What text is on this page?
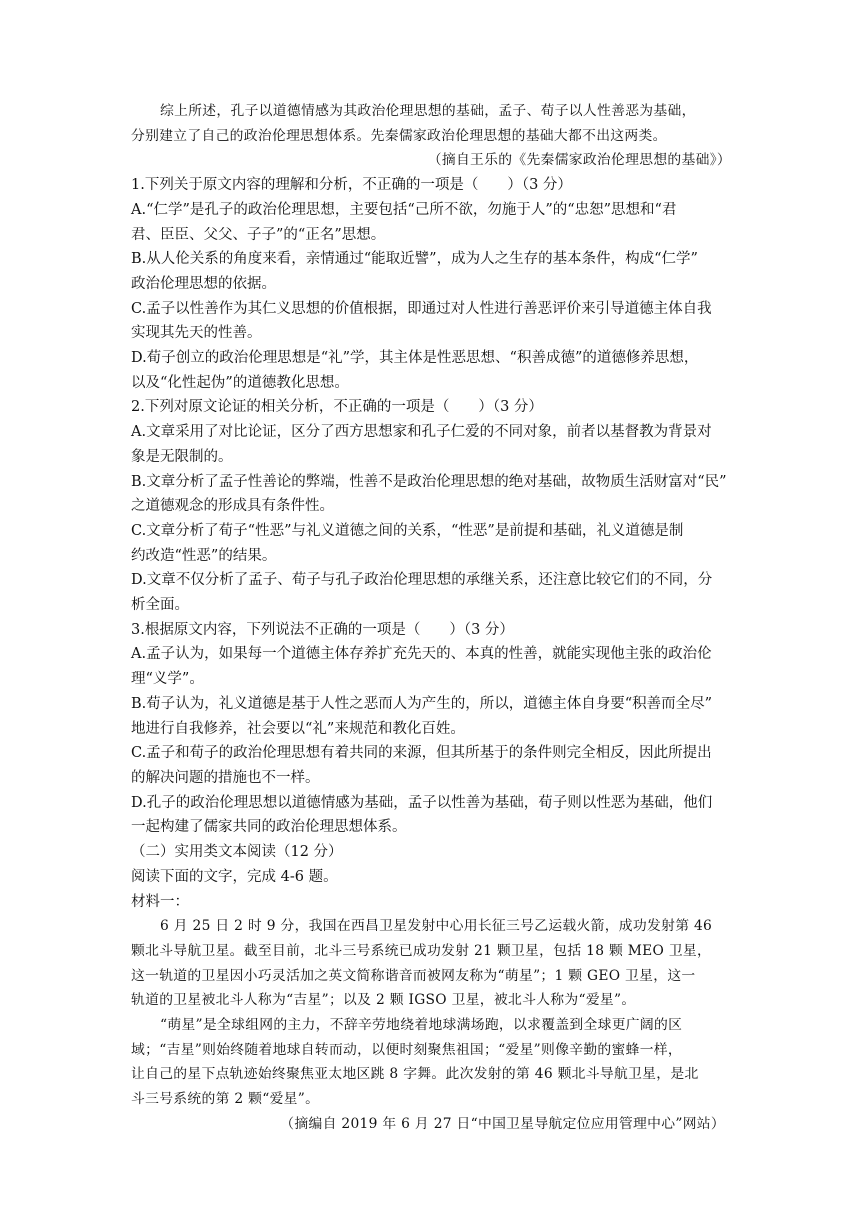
综上所述，孔子以道德情感为其政治伦理思想的基础，孟子、荀子以人性善恶为基础，

分别建立了自己的政治伦理思想体系。先秦儒家政治伦理思想的基础大都不出这两类。

（摘自王乐的《先秦儒家政治伦理思想的基础》）

1.下列关于原文内容的理解和分析，不正确的一项是（　　）（3 分）

A.“仁学”是孔子的政治伦理思想，主要包括“己所不欲，勿施于人”的“忠恕”思想和“君

君、臣臣、父父、子子”的“正名”思想。

B.从人伦关系的角度来看，亲情通过“能取近譬”，成为人之生存的基本条件，构成“仁学”

政治伦理思想的依据。

C.孟子以性善作为其仁义思想的价值根据，即通过对人性进行善恶评价来引导道德主体自我

实现其先天的性善。

D.荀子创立的政治伦理思想是“礼”学，其主体是性恶思想、“积善成德”的道德修养思想，

以及“化性起伪”的道德教化思想。

2.下列对原文论证的相关分析，不正确的一项是（　　）（3 分）

A.文章采用了对比论证，区分了西方思想家和孔子仁爱的不同对象，前者以基督教为背景对

象是无限制的。

B.文章分析了孟子性善论的弊端，性善不是政治伦理思想的绝对基础，故物质生活财富对“民”

之道德观念的形成具有条件性。

C.文章分析了荀子“性恶”与礼义道德之间的关系，“性恶”是前提和基础，礼义道德是制

约改造“性恶”的结果。

D.文章不仅分析了孟子、荀子与孔子政治伦理思想的承继关系，还注意比较它们的不同，分

析全面。

3.根据原文内容，下列说法不正确的一项是（　　）（3 分）

A.孟子认为，如果每一个道德主体存养扩充先天的、本真的性善，就能实现他主张的政治伦

理“义学”。

B.荀子认为，礼义道德是基于人性之恶而人为产生的，所以，道德主体自身要“积善而全尽”

地进行自我修养，社会要以“礼”来规范和教化百姓。

C.孟子和荀子的政治伦理思想有着共同的来源，但其所基于的条件则完全相反，因此所提出

的解决问题的措施也不一样。

D.孔子的政治伦理思想以道德情感为基础，孟子以性善为基础，荀子则以性恶为基础，他们

一起构建了儒家共同的政治伦理思想体系。

（二）实用类文本阅读（12 分）

阅读下面的文字，完成 4-6 题。

材料一：

6 月 25 日 2 时 9 分，我国在西昌卫星发射中心用长征三号乙运载火箭，成功发射第 46

颗北斗导航卫星。截至目前，北斗三号系统已成功发射 21 颗卫星，包括 18 颗 MEO 卫星，

这一轨道的卫星因小巧灵活加之英文简称谐音而被网友称为“萌星”；1 颗 GEO 卫星，这一

轨道的卫星被北斗人称为“吉星”；以及 2 颗 IGSO 卫星，被北斗人称为“爱星”。

“萌星”是全球组网的主力，不辞辛劳地绕着地球满场跑，以求覆盖到全球更广阔的区

域；“吉星”则始终随着地球自转而动，以便时刻聚焦祖国；“爱星”则像辛勤的蜜蜂一样，

让自己的星下点轨迹始终聚焦亚太地区跳 8 字舞。此次发射的第 46 颗北斗导航卫星，是北

斗三号系统的第 2 颗“爱星”。

（摘编自 2019 年 6 月 27 日“中国卫星导航定位应用管理中心”网站）
